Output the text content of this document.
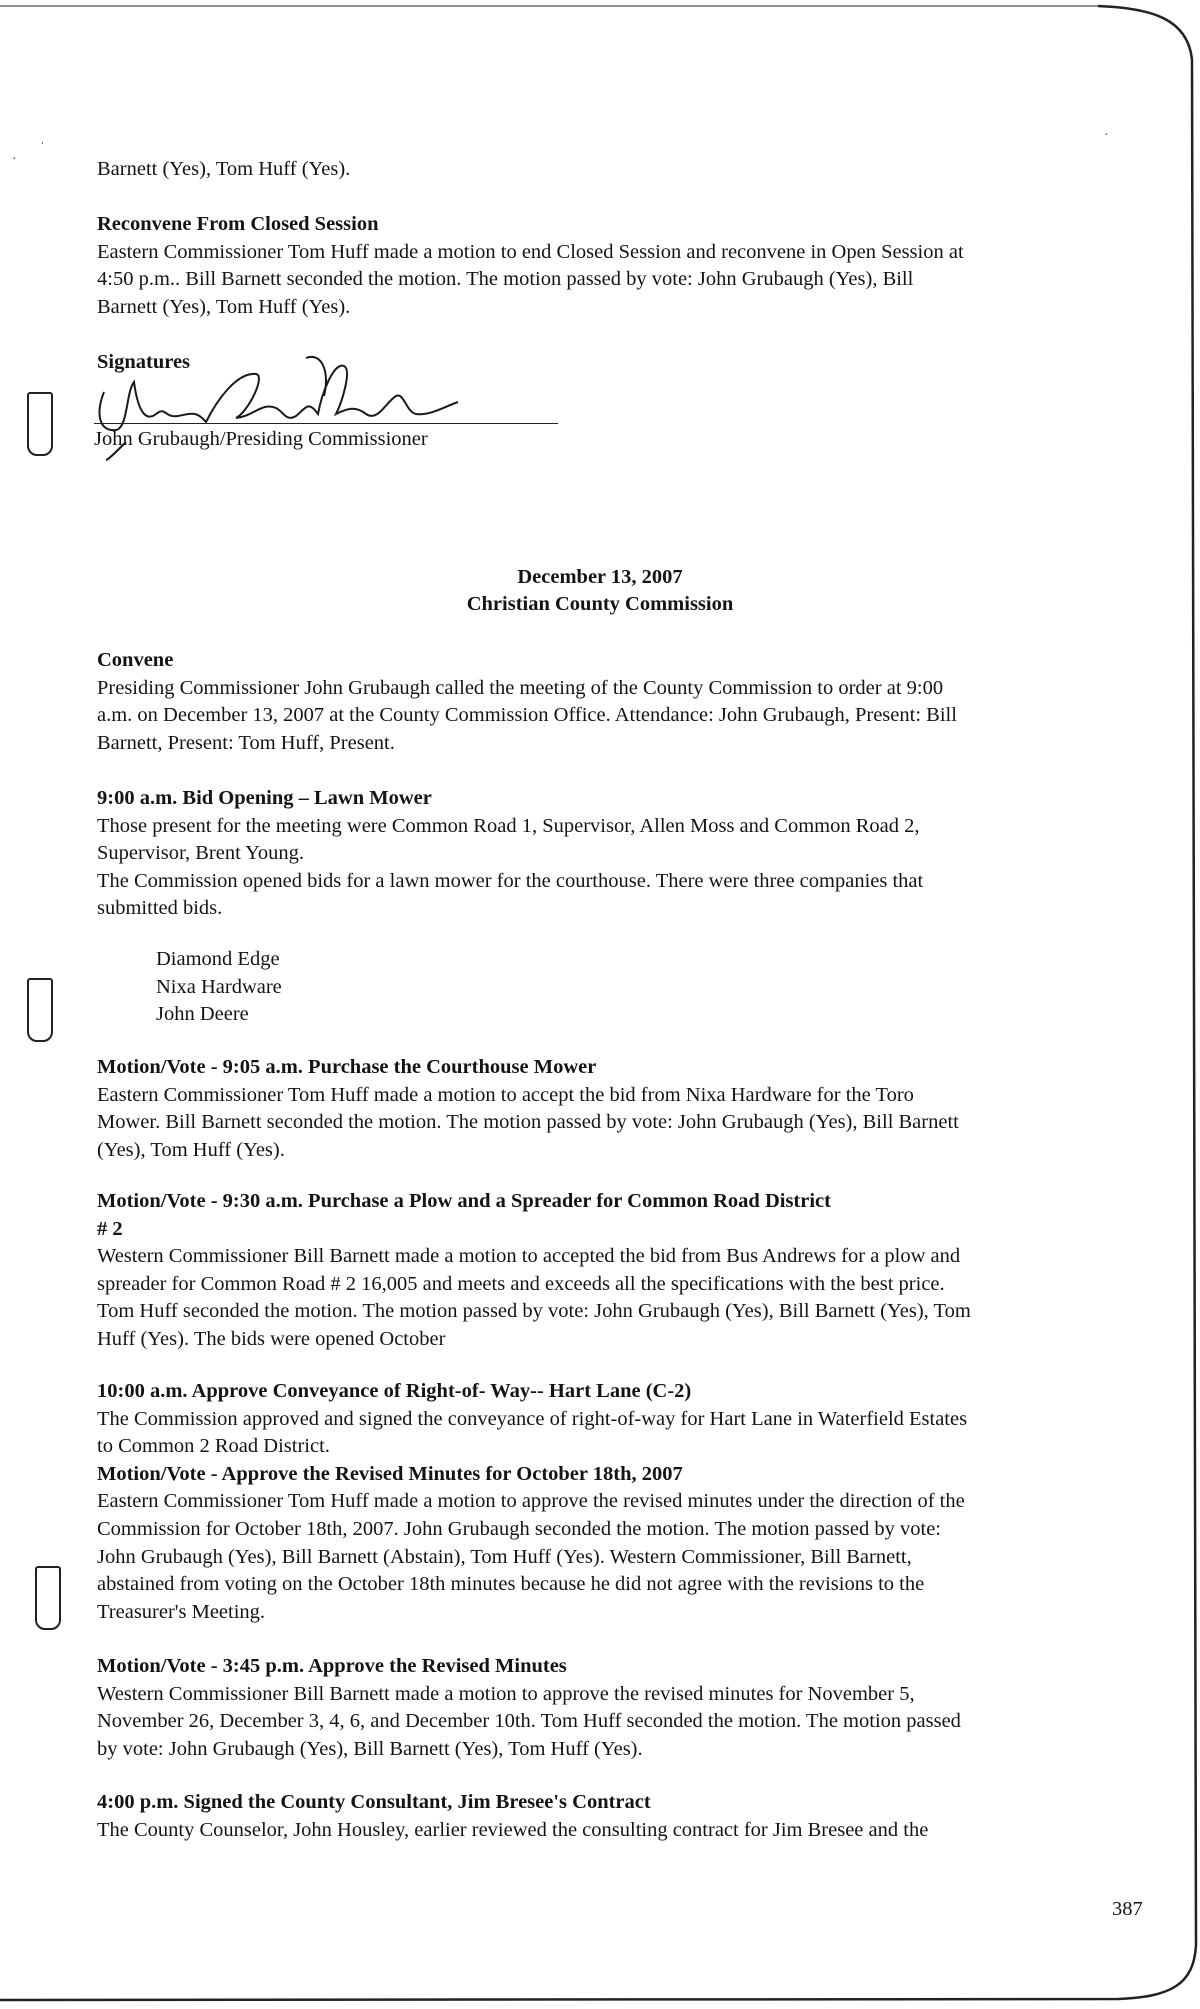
ˌ
·
·

Barnett (Yes), Tom Huff (Yes).

Reconvene From Closed Session

Eastern Commissioner Tom Huff made a motion to end Closed Session and reconvene in Open Session at

4:50 p.m.. Bill Barnett seconded the motion. The motion passed by vote: John Grubaugh (Yes), Bill

Barnett (Yes), Tom Huff (Yes).

Signatures

John Grubaugh/Presiding Commissioner
December 13, 2007
Christian County Commission

Convene

Presiding Commissioner John Grubaugh called the meeting of the County Commission to order at 9:00

a.m. on December 13, 2007 at the County Commission Office. Attendance: John Grubaugh, Present: Bill

Barnett, Present: Tom Huff, Present.

9:00 a.m. Bid Opening – Lawn Mower

Those present for the meeting were Common Road 1, Supervisor, Allen Moss and Common Road 2,

Supervisor, Brent Young.

The Commission opened bids for a lawn mower for the courthouse. There were three companies that

submitted bids.

Diamond Edge
Nixa Hardware
John Deere

Motion/Vote - 9:05 a.m. Purchase the Courthouse Mower

Eastern Commissioner Tom Huff made a motion to accept the bid from Nixa Hardware for the Toro

Mower. Bill Barnett seconded the motion. The motion passed by vote: John Grubaugh (Yes), Bill Barnett

(Yes), Tom Huff (Yes).

Motion/Vote - 9:30 a.m. Purchase a Plow and a Spreader for Common Road District

# 2

Western Commissioner Bill Barnett made a motion to accepted the bid from Bus Andrews for a plow and

spreader for Common Road # 2 16,005 and meets and exceeds all the specifications with the best price.

Tom Huff seconded the motion. The motion passed by vote: John Grubaugh (Yes), Bill Barnett (Yes), Tom

Huff (Yes). The bids were opened October

10:00 a.m. Approve Conveyance of Right-of- Way-- Hart Lane (C-2)

The Commission approved and signed the conveyance of right-of-way for Hart Lane in Waterfield Estates

to Common 2 Road District.

Motion/Vote - Approve the Revised Minutes for October 18th, 2007

Eastern Commissioner Tom Huff made a motion to approve the revised minutes under the direction of the

Commission for October 18th, 2007. John Grubaugh seconded the motion. The motion passed by vote:

John Grubaugh (Yes), Bill Barnett (Abstain), Tom Huff (Yes). Western Commissioner, Bill Barnett,

abstained from voting on the October 18th minutes because he did not agree with the revisions to the

Treasurer's Meeting.

Motion/Vote - 3:45 p.m. Approve the Revised Minutes

Western Commissioner Bill Barnett made a motion to approve the revised minutes for November 5,

November 26, December 3, 4, 6, and December 10th. Tom Huff seconded the motion. The motion passed

by vote: John Grubaugh (Yes), Bill Barnett (Yes), Tom Huff (Yes).

4:00 p.m. Signed the County Consultant, Jim Bresee's Contract

The County Counselor, John Housley, earlier reviewed the consulting contract for Jim Bresee and the

387
